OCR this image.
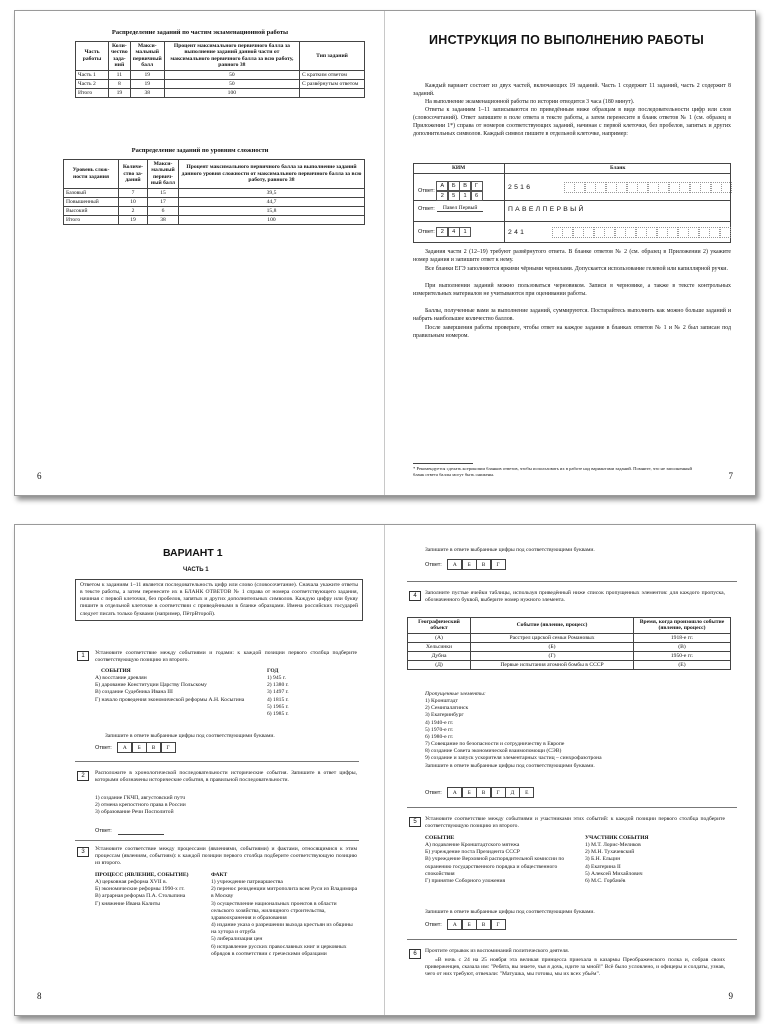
Распределение заданий по частям экзаменационной работы
Часть работы	Коли-чество зада-ний	Макси-мальный первичный балл	Процент максимального первичного балла за выполнение заданий данной части от максимального первичного балла за всю работу, равного 38	Тип заданий
Часть 1	11	19	50	С кратким ответом
Часть 2	8	19	50	С развёрнутым ответом
Итого	19	38	100	
Распределение заданий по уровням сложности
Уровень слож-ности задания	Количе-ство за-даний	Макси-мальный первич-ный балл	Процент максимального первичного балла за выполнение заданий данного уровня сложности от максимального первичного балла за всю работу, равного 38
Базовый	7	15	39,5
Повышенный	10	17	44,7
Высокий	2	6	15,8
Итого	19	38	100
6
ИНСТРУКЦИЯ ПО ВЫПОЛНЕНИЮ РАБОТЫ
Каждый вариант состоит из двух частей, включающих 19 заданий. Часть 1 содержит 11 заданий, часть 2 содержит 8 заданий.
На выполнение экзаменационной работы по истории отводится 3 часа (180 минут).
Ответы к заданиям 1–11 записываются по приведённым ниже образцам в виде последовательности цифр или слов (словосочетаний). Ответ запишите в поле ответа в тексте работы, а затем перенесите в бланк ответов № 1 (см. образец в Приложении 1*) справа от номеров соответствующих заданий, начиная с первой клеточки, без пробелов, запятых и других дополнительных символов. Каждый символ пишите в отдельной клеточке, например:
КИМ	Бланк
Ответ:
А	Б	В	Г
2	5	1	6
2516
Ответ:	Павел Первый	ПАВЕЛПЕРВЫЙ
Ответ:	2	4	1	241
Задания части 2 (12–19) требуют развёрнутого ответа. В бланке ответов № 2 (см. образец в Приложении 2) укажите номер задания и запишите ответ к нему.
Все бланки ЕГЭ заполняются яркими чёрными чернилами. Допускается использование гелевой или капиллярной ручки.
При выполнении заданий можно пользоваться черновиком. Записи в черновике, а также в тексте контрольных измерительных материалов не учитываются при оценивании работы.
Баллы, полученные вами за выполнение заданий, суммируются. Постарайтесь выполнить как можно больше заданий и набрать наибольшее количество баллов.
После завершения работы проверьте, чтобы ответ на каждое задание в бланках ответов № 1 и № 2 был записан под правильным номером.
* Рекомендуется сделать ксерокопии бланков ответов, чтобы использовать их в работе над вариантами заданий. Помните, что не заполненный бланк ответа баллы могут быть снижены.	7
ВАРИАНТ 1
ЧАСТЬ 1
Ответом к заданиям 1–11 является последовательность цифр или слово (словосочетание). Сначала укажите ответы в тексте работы, а затем перенесите их в БЛАНК ОТВЕТОВ № 1 справа от номера соответствующего задания, начиная с первой клеточки, без пробелов, запятых и других дополнительных символов. Каждую цифру или букву пишите в отдельной клеточке в соответствии с приведёнными в бланке образцами. Имена российских государей следует писать только буквами (например, ПётрВторой).
1	Установите соответствие между событиями и годами: к каждой позиции первого столбца подберите соответствующую позицию из второго.
СОБЫТИЯ
А) восстание древлян
Б) дарование Конституции Царству Польскому
В) создание Судебника Ивана III
Г) начало проведения экономической реформы А.Н. Косыгина
ГОД
1) 945 г.
2) 1380 г.
3) 1497 г.
4) 1815 г.
5) 1965 г.
6) 1985 г.
Запишите в ответе выбранные цифры под соответствующими буквами.
Ответ:	А	Б	В	Г
2	Расположите в хронологической последовательности исторические события. Запишите в ответ цифры, которыми обозначены исторические события, в правильной последовательности.
1) создание ГКЧП, августовский путч
2) отмена крепостного права в России
3) образование Речи Посполитой
Ответ:
3	Установите соответствие между процессами (явлениями, событиями) и фактами, относящимися к этим процессам (явлениям, событиям): к каждой позиции первого столбца подберите соответствующую позицию из второго.
ПРОЦЕСС (ЯВЛЕНИЕ, СОБЫТИЕ)
А) церковная реформа XVII в.
Б) экономические реформы 1990-х гг.
В) аграрная реформа П.А. Столыпина
Г) княжение Ивана Калиты
ФАКТ
1) учреждение патриаршества
2) перенос резиденции митрополита всея Руси из Владимира в Москву
3) осуществление национальных проектов в области сельского хозяйства, жилищного строительства, здравоохранения и образования
4) издание указа о разрешении выхода крестьян из общины на хутора и отруба
5) либерализация цен
6) исправление русских православных книг и церковных обрядов в соответствии с греческими образцами
8
Запишите в ответе выбранные цифры под соответствующими буквами.
Ответ:	А	Б	В	Г
4	Заполните пустые ячейки таблицы, используя приведённый ниже список пропущенных элементов: для каждого пропуска, обозначенного буквой, выберите номер нужного элемента.
Географический объект	Событие (явление, процесс)	Время, когда произошло событие (явление, процесс)
(А)	Расстрел царской семьи Романовых	1918-е гг.
Хельсинки	(Б)	(В)
Дубна	(Г)	1950-е гг.
(Д)	Первые испытания атомной бомбы в СССР	(Е)
Пропущенные элементы:
1) Кронштадт
2) Семипалатинск
3) Екатеринбург
4) 1940-е гг.
5) 1970-е гг.
6) 1980-е гг.
7) Совещание по безопасности и сотрудничеству в Европе
8) создание Совета экономической взаимопомощи (СЭВ)
9) создание и запуск ускорителя элементарных частиц – синхрофазотрона
Запишите в ответе выбранные цифры под соответствующими буквами.
Ответ:	А	Б	В	Г	Д	Е
5	Установите соответствие между событиями и участниками этих событий: к каждой позиции первого столбца подберите соответствующую позицию из второго.
СОБЫТИЕ
А) подавление Кронштадтского мятежа
Б) учреждение поста Президента СССР
В) учреждение Верховной распорядительной комиссии по охранению государственного порядка и общественного спокойствия
Г) принятие Соборного уложения
УЧАСТНИК СОБЫТИЯ
1) М.Т. Лорис-Меликов
2) М.Н. Тухачевский
3) Б.Н. Ельцин
4) Екатерина II
5) Алексей Михайлович
6) М.С. Горбачёв
Запишите в ответе выбранные цифры под соответствующими буквами.
Ответ:	А	Б	В	Г
6	Прочтите отрывок из воспоминаний политического деятеля.
«В ночь с 24 на 25 ноября эта великая принцесса приехала в казармы Преображенского полка и, собрав своих приверженцев, сказала им: "Ребята, вы знаете, чья я дочь, идите за мной!" Всё было условлено, и офицеры и солдаты, узнав, чего от них требуют, отвечали: "Матушка, мы готовы, мы их всех убьём".
9
